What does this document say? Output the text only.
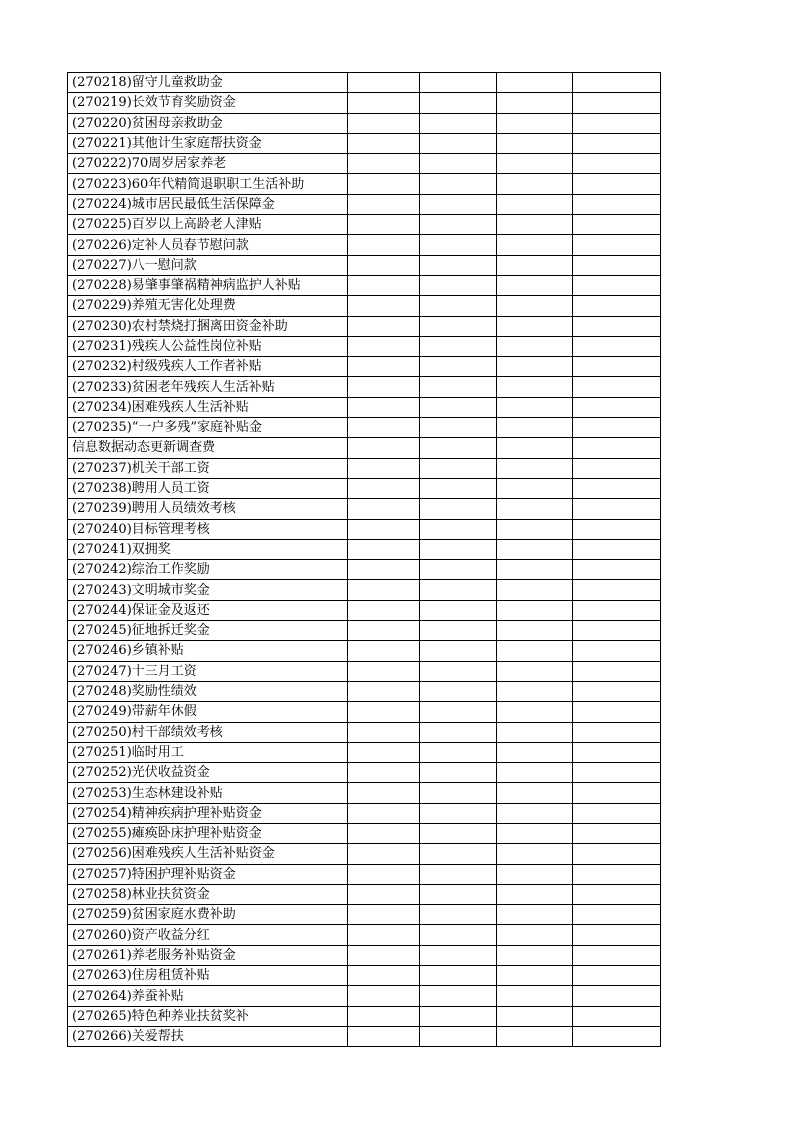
(270218)留守儿童救助金				
(270219)长效节育奖励资金				
(270220)贫困母亲救助金				
(270221)其他计生家庭帮扶资金				
(270222)70周岁居家养老				
(270223)60年代精简退职职工生活补助				
(270224)城市居民最低生活保障金				
(270225)百岁以上高龄老人津贴				
(270226)定补人员春节慰问款				
(270227)八一慰问款				
(270228)易肇事肇祸精神病监护人补贴				
(270229)养殖无害化处理费				
(270230)农村禁烧打捆离田资金补助				
(270231)残疾人公益性岗位补贴				
(270232)村级残疾人工作者补贴				
(270233)贫困老年残疾人生活补贴				
(270234)困难残疾人生活补贴				
(270235)“一户多残”家庭补贴金				
信息数据动态更新调查费				
(270237)机关干部工资				
(270238)聘用人员工资				
(270239)聘用人员绩效考核				
(270240)目标管理考核				
(270241)双拥奖				
(270242)综治工作奖励				
(270243)文明城市奖金				
(270244)保证金及返还				
(270245)征地拆迁奖金				
(270246)乡镇补贴				
(270247)十三月工资				
(270248)奖励性绩效				
(270249)带薪年休假				
(270250)村干部绩效考核				
(270251)临时用工				
(270252)光伏收益资金				
(270253)生态林建设补贴				
(270254)精神疾病护理补贴资金				
(270255)瘫痪卧床护理补贴资金				
(270256)困难残疾人生活补贴资金				
(270257)特困护理补贴资金				
(270258)林业扶贫资金				
(270259)贫困家庭水费补助				
(270260)资产收益分红				
(270261)养老服务补贴资金				
(270263)住房租赁补贴				
(270264)养蚕补贴				
(270265)特色种养业扶贫奖补				
(270266)关爱帮扶				
